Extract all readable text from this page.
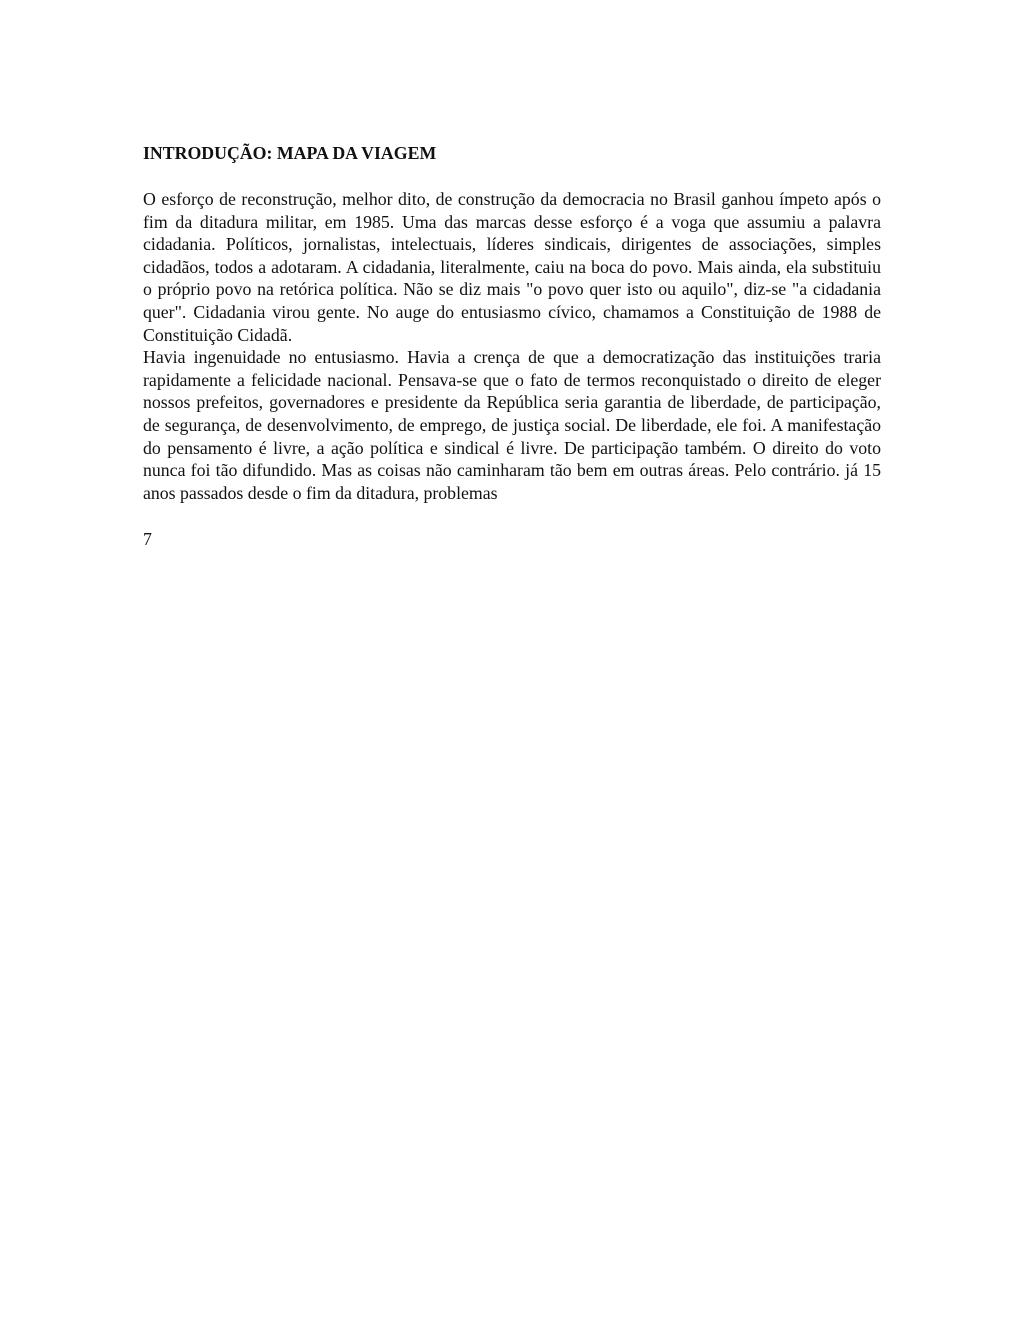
INTRODUÇÃO: MAPA DA VIAGEM

O esforço de reconstrução, melhor dito, de construção da democracia no Brasil ganhou ímpeto após o fim da ditadura militar, em 1985. Uma das marcas desse esforço é a voga que assumiu a palavra cidadania. Políticos, jornalistas, intelectuais, líderes sindicais, dirigentes de associações, simples cidadãos, todos a adotaram. A cidadania, literalmente, caiu na boca do povo. Mais ainda, ela substituiu o próprio povo na retórica política. Não se diz mais "o povo quer isto ou aquilo", diz-se "a cidadania quer". Cidadania virou gente. No auge do entusiasmo cívico, chamamos a Constituição de 1988 de Constituição Cidadã.

Havia ingenuidade no entusiasmo. Havia a crença de que a democratização das instituições traria rapidamente a felicidade nacional. Pensava-se que o fato de termos reconquistado o direito de eleger nossos prefeitos, governadores e presidente da República seria garantia de liberdade, de participação, de segurança, de desenvolvimento, de emprego, de justiça social. De liberdade, ele foi. A manifestação do pensamento é livre, a ação política e sindical é livre. De participação também. O direito do voto nunca foi tão difundido. Mas as coisas não caminharam tão bem em outras áreas. Pelo contrário. já 15 anos passados desde o fim da ditadura, problemas

7
